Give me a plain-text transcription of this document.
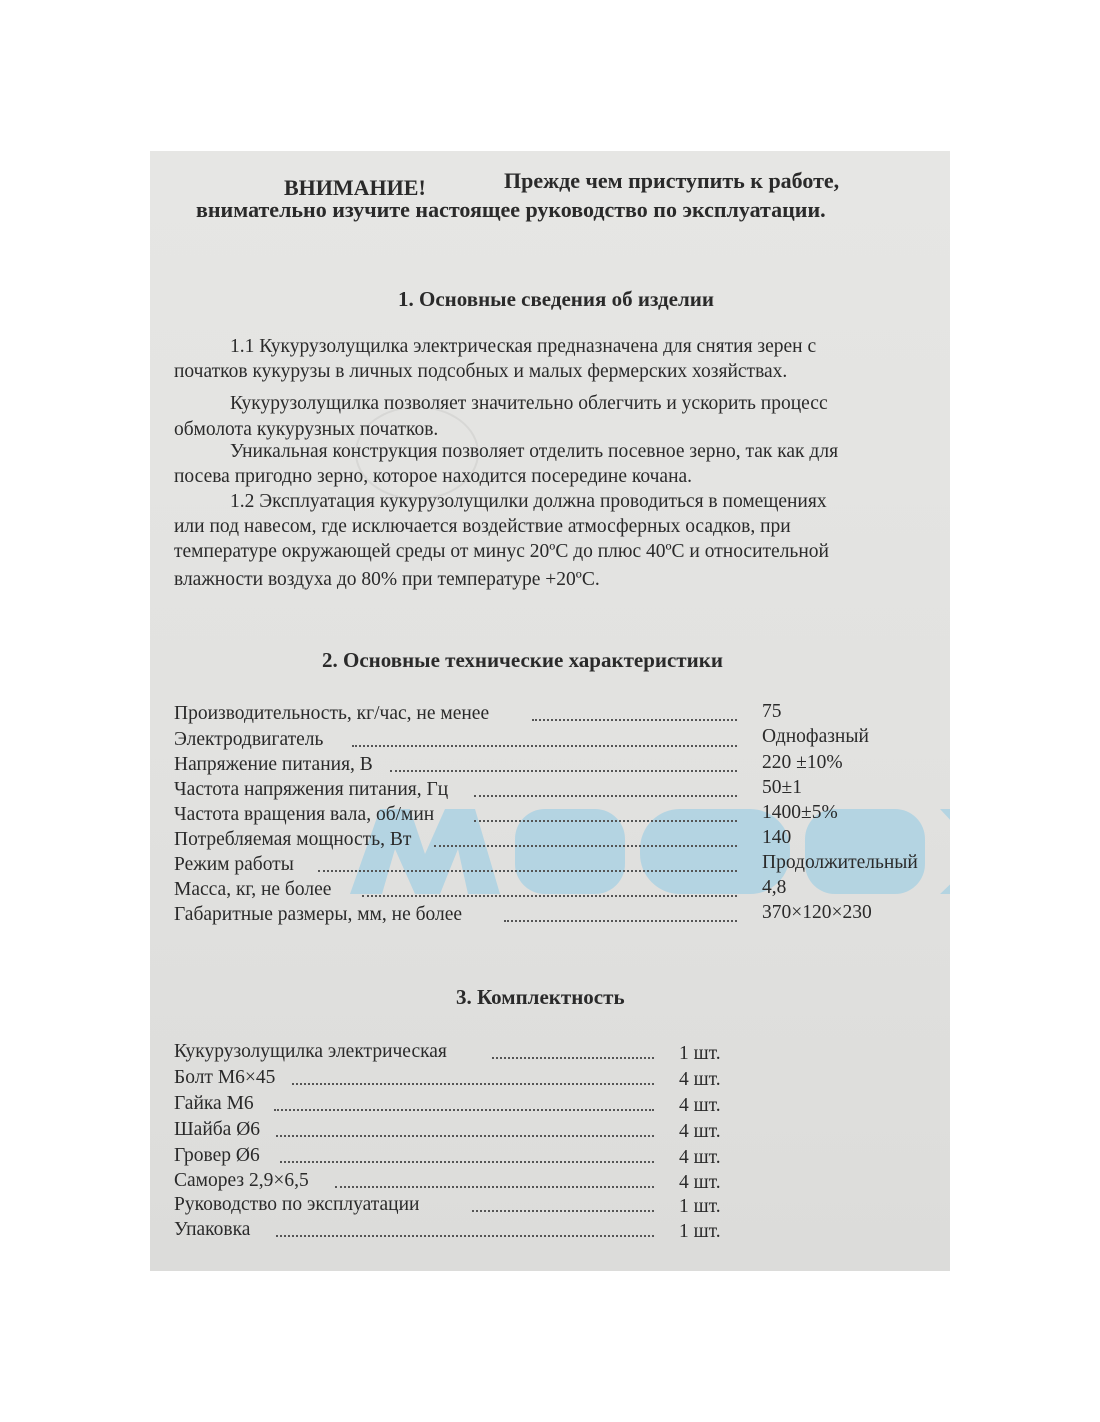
ВНИМАНИЕ!	Прежде чем приступить к работе,
внимательно изучите настоящее руководство по эксплуатации.
1. Основные сведения об изделии
1.1 Кукурузолущилка электрическая предназначена для снятия зерен с
початков кукурузы в личных подсобных и малых фермерских хозяйствах.
Кукурузолущилка позволяет значительно облегчить и ускорить процесс
обмолота кукурузных початков.
Уникальная конструкция позволяет отделить посевное зерно, так как для
посева пригодно зерно, которое находится посередине кочана.
1.2 Эксплуатация кукурузолущилки должна проводиться в помещениях
или под навесом, где исключается воздействие атмосферных осадков, при
температуре окружающей среды от минус 20ºС до плюс 40ºС и относительной
влажности воздуха до 80% при температуре +20ºС.
2. Основные технические характеристики
Производительность, кг/час, не менее	75
Электродвигатель	Однофазный
Напряжение питания, В	220 ±10%
Частота напряжения питания, Гц	50±1
Частота вращения вала, об/мин	1400±5%
Потребляемая мощность, Вт	140
Режим работы	Продолжительный
Масса, кг, не более	4,8
Габаритные размеры, мм, не более	370×120×230
3. Комплектность
Кукурузолущилка электрическая	1 шт.
Болт М6×45	4 шт.
Гайка М6	4 шт.
Шайба Ø6	4 шт.
Гровер Ø6	4 шт.
Саморез 2,9×6,5	4 шт.
Руководство по эксплуатации	1 шт.
Упаковка	1 шт.
